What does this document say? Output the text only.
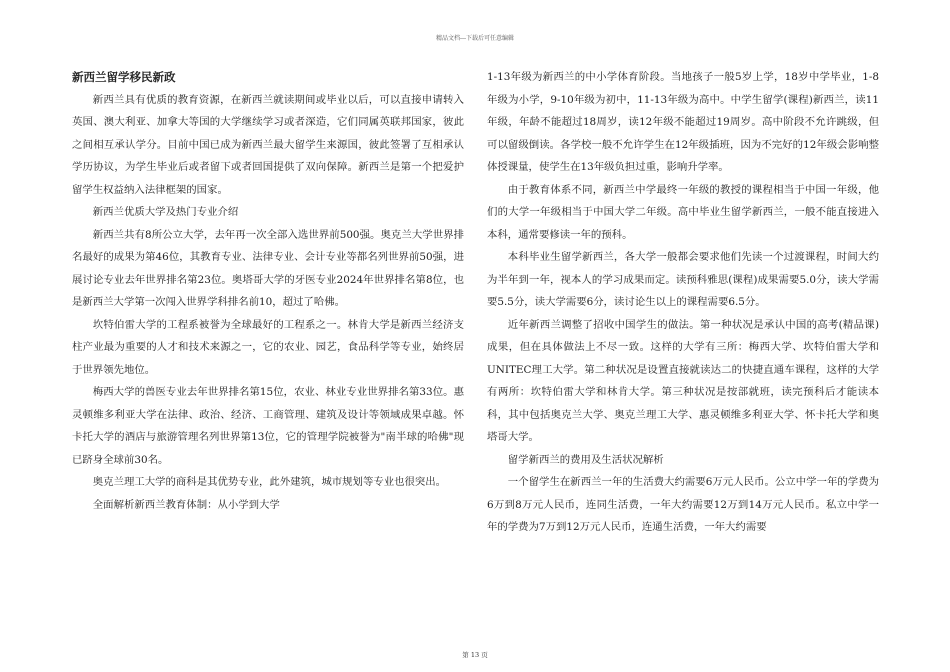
精品文档---下载后可任意编辑

新西兰留学移民新政

新西兰具有优质的教育资源，在新西兰就读期间或毕业以后，可以直接申请转入英国、澳大利亚、加拿大等国的大学继续学习或者深造，它们同属英联邦国家，彼此之间相互承认学分。目前中国已成为新西兰最大留学生来源国，彼此签署了互相承认学历协议，为学生毕业后或者留下或者回国提供了双向保障。新西兰是第一个把爱护留学生权益纳入法律框架的国家。

新西兰优质大学及热门专业介绍

新西兰共有8所公立大学，去年再一次全部入选世界前500强。奥克兰大学世界排名最好的成果为第46位，其教育专业、法律专业、会计专业等都名列世界前50强，进展讨论专业去年世界排名第23位。奥塔哥大学的牙医专业2024年世界排名第8位，也是新西兰大学第一次闯入世界学科排名前10，超过了哈佛。

坎特伯雷大学的工程系被誉为全球最好的工程系之一。林肯大学是新西兰经济支柱产业最为重要的人才和技术来源之一，它的农业、园艺，食品科学等专业，始终居于世界领先地位。

梅西大学的兽医专业去年世界排名第15位，农业、林业专业世界排名第33位。惠灵顿维多利亚大学在法律、政治、经济、工商管理、建筑及设计等领域成果卓越。怀卡托大学的酒店与旅游管理名列世界第13位，它的管理学院被誉为"南半球的哈佛"现已跻身全球前30名。

奥克兰理工大学的商科是其优势专业，此外建筑，城市规划等专业也很突出。

全面解析新西兰教育体制：从小学到大学

1-13年级为新西兰的中小学体育阶段。当地孩子一般5岁上学，18岁中学毕业，1-8年级为小学，9-10年级为初中，11-13年级为高中。中学生留学(课程)新西兰，读11年级，年龄不能超过18周岁，读12年级不能超过19周岁。高中阶段不允许跳级，但可以留级倒读。各学校一般不允许学生在12年级插班，因为不完好的12年级会影响整体授课量，使学生在13年级负担过重，影响升学率。

由于教育体系不同，新西兰中学最终一年级的教授的课程相当于中国一年级，他们的大学一年级相当于中国大学二年级。高中毕业生留学新西兰，一般不能直接进入本科，通常要修读一年的预科。

本科毕业生留学新西兰，各大学一般都会要求他们先读一个过渡课程，时间大约为半年到一年，视本人的学习成果而定。读预科雅思(课程)成果需要5.0分，读大学需要5.5分，读大学需要6分，读讨论生以上的课程需要6.5分。

近年新西兰调整了招收中国学生的做法。第一种状况是承认中国的高考(精品课)成果，但在具体做法上不尽一致。这样的大学有三所：梅西大学、坎特伯雷大学和UNITEC理工大学。第二种状况是设置直接就读达二的快捷直通车课程，这样的大学有两所：坎特伯雷大学和林肯大学。第三种状况是按部就班，读完预科后才能读本科，其中包括奥克兰大学、奥克兰理工大学、惠灵顿维多利亚大学、怀卡托大学和奥塔哥大学。

留学新西兰的费用及生活状况解析

一个留学生在新西兰一年的生活费大约需要6万元人民币。公立中学一年的学费为6万到8万元人民币，连同生活费，一年大约需要12万到14万元人民币。私立中学一年的学费为7万到12万元人民币，连通生活费，一年大约需要

第 13 页
